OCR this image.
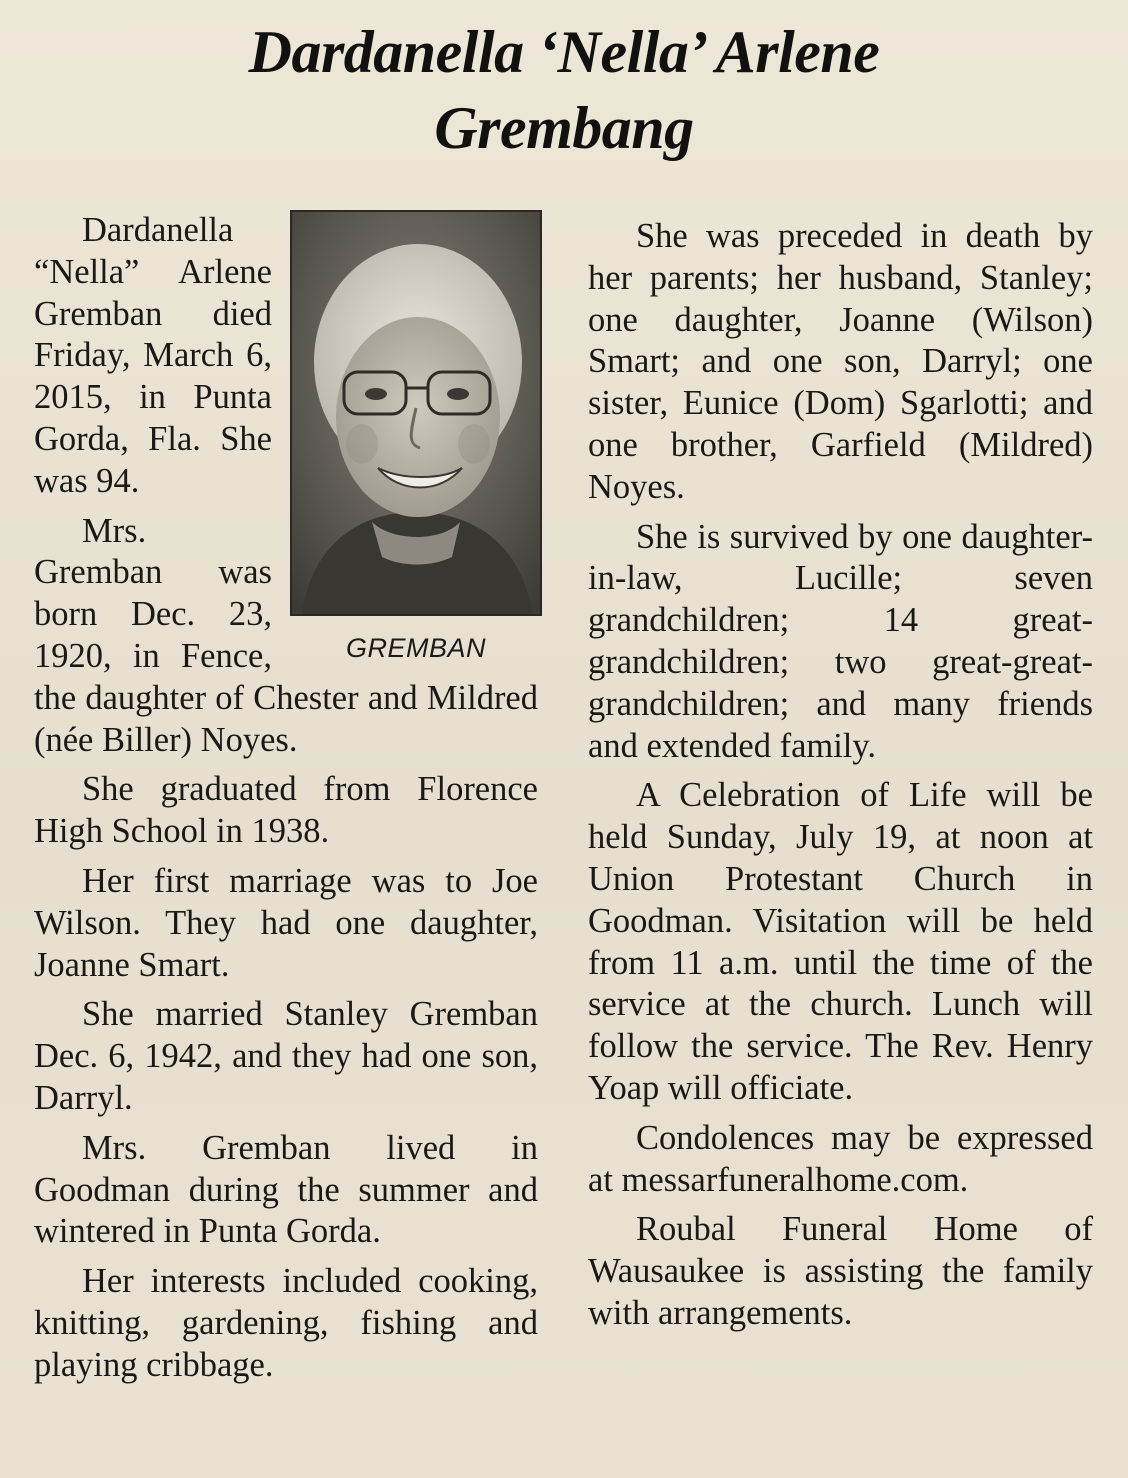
Dardanella ‘Nella’ Arlene
Grembang
GREMBAN

Dardanella “Nella” Arlene Gremban died Friday, March 6, 2015, in Punta Gorda, Fla. She was 94.

Mrs. Gremban was born Dec. 23, 1920, in Fence, the daughter of Chester and Mildred (née Biller) Noyes.

She graduated from Florence High School in 1938.

Her first marriage was to Joe Wilson. They had one daughter, Joanne Smart.

She married Stanley Gremban Dec. 6, 1942, and they had one son, Darryl.

Mrs. Gremban lived in Goodman during the summer and wintered in Punta Gorda.

Her interests included cooking, knitting, gardening, fishing and playing cribbage.

She was preceded in death by her parents; her husband, Stanley; one daughter, Joanne (Wilson) Smart; and one son, Darryl; one sister, Eunice (Dom) Sgarlotti; and one brother, Garfield (Mildred) Noyes.

She is survived by one daughter-in-law, Lucille; seven grandchildren; 14 great-grandchildren; two great-great-grandchildren; and many friends and extended family.

A Celebration of Life will be held Sunday, July 19, at noon at Union Protestant Church in Goodman. Visitation will be held from 11 a.m. until the time of the service at the church. Lunch will follow the service. The Rev. Henry Yoap will officiate.

Condolences may be expressed at messarfuneralhome.com.

Roubal Funeral Home of Wausaukee is assisting the family with arrangements.
